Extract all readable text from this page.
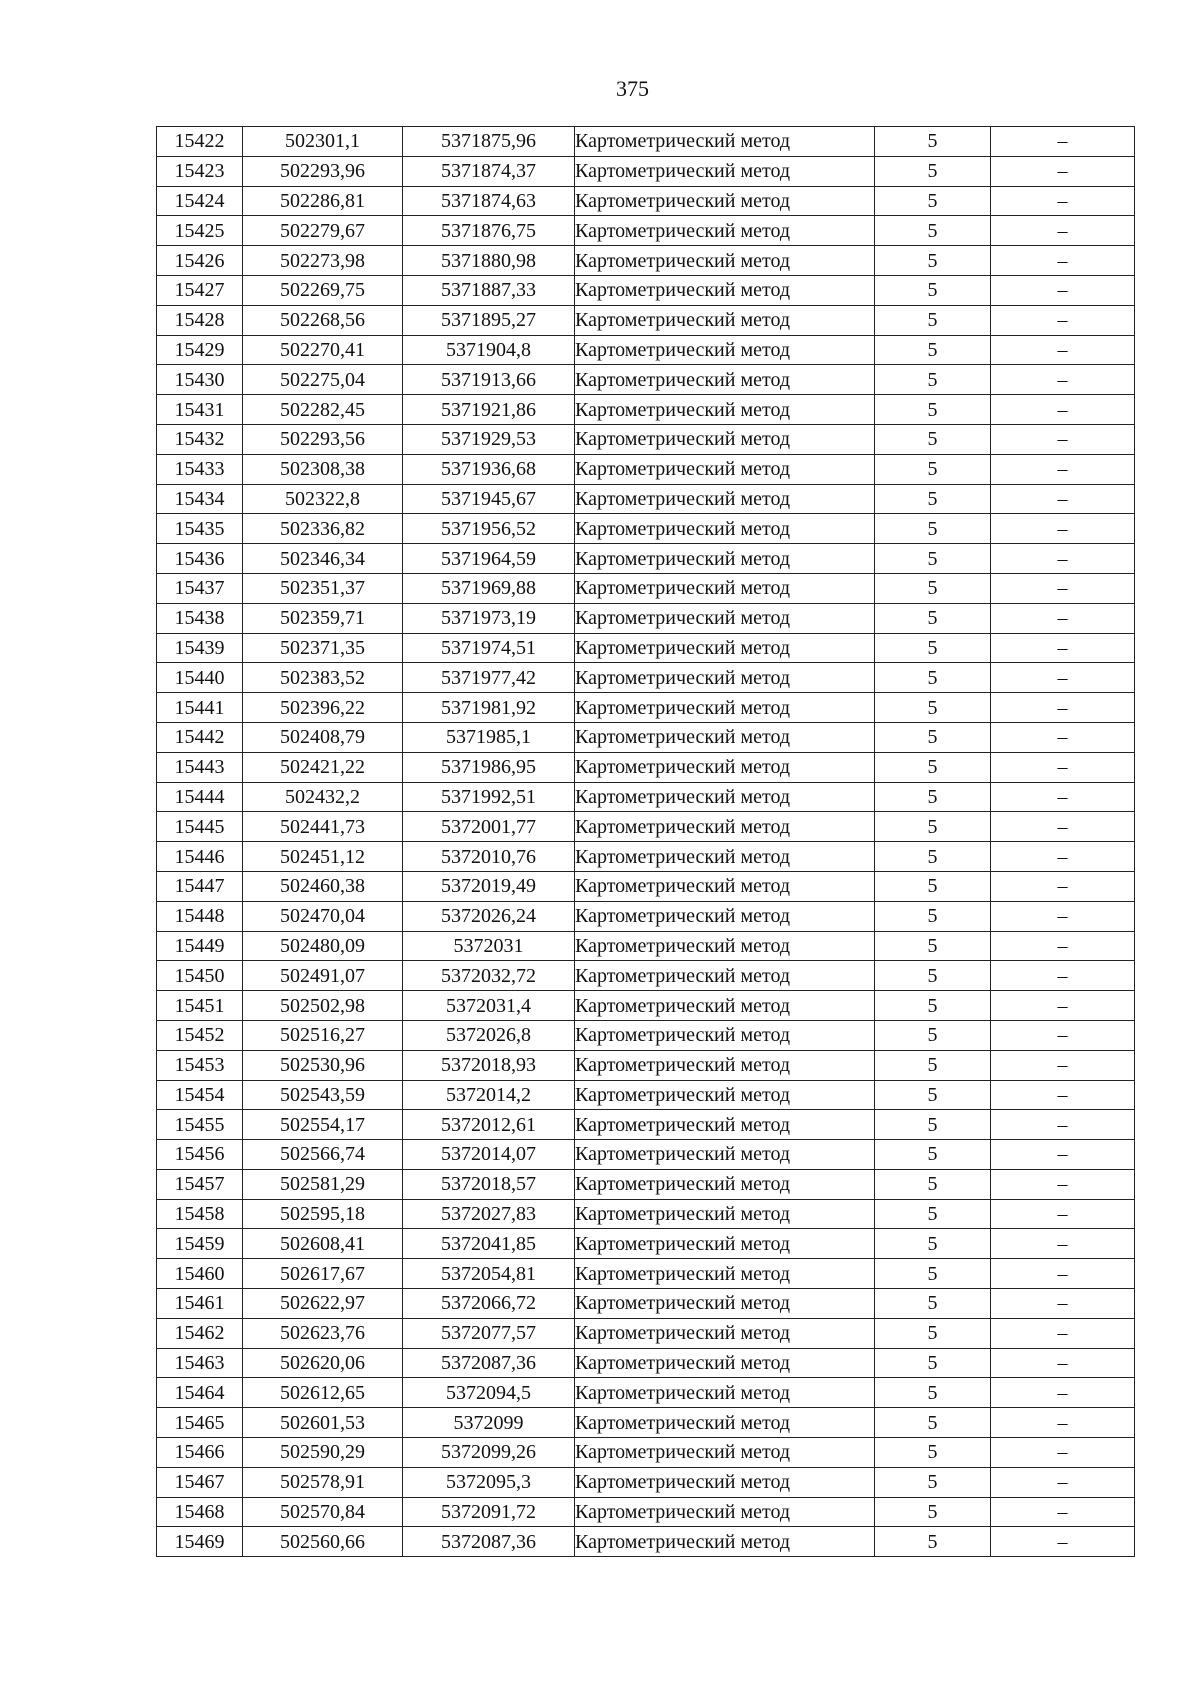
375
15422	502301,1	5371875,96	Картометрический метод	5	–
15423	502293,96	5371874,37	Картометрический метод	5	–
15424	502286,81	5371874,63	Картометрический метод	5	–
15425	502279,67	5371876,75	Картометрический метод	5	–
15426	502273,98	5371880,98	Картометрический метод	5	–
15427	502269,75	5371887,33	Картометрический метод	5	–
15428	502268,56	5371895,27	Картометрический метод	5	–
15429	502270,41	5371904,8	Картометрический метод	5	–
15430	502275,04	5371913,66	Картометрический метод	5	–
15431	502282,45	5371921,86	Картометрический метод	5	–
15432	502293,56	5371929,53	Картометрический метод	5	–
15433	502308,38	5371936,68	Картометрический метод	5	–
15434	502322,8	5371945,67	Картометрический метод	5	–
15435	502336,82	5371956,52	Картометрический метод	5	–
15436	502346,34	5371964,59	Картометрический метод	5	–
15437	502351,37	5371969,88	Картометрический метод	5	–
15438	502359,71	5371973,19	Картометрический метод	5	–
15439	502371,35	5371974,51	Картометрический метод	5	–
15440	502383,52	5371977,42	Картометрический метод	5	–
15441	502396,22	5371981,92	Картометрический метод	5	–
15442	502408,79	5371985,1	Картометрический метод	5	–
15443	502421,22	5371986,95	Картометрический метод	5	–
15444	502432,2	5371992,51	Картометрический метод	5	–
15445	502441,73	5372001,77	Картометрический метод	5	–
15446	502451,12	5372010,76	Картометрический метод	5	–
15447	502460,38	5372019,49	Картометрический метод	5	–
15448	502470,04	5372026,24	Картометрический метод	5	–
15449	502480,09	5372031	Картометрический метод	5	–
15450	502491,07	5372032,72	Картометрический метод	5	–
15451	502502,98	5372031,4	Картометрический метод	5	–
15452	502516,27	5372026,8	Картометрический метод	5	–
15453	502530,96	5372018,93	Картометрический метод	5	–
15454	502543,59	5372014,2	Картометрический метод	5	–
15455	502554,17	5372012,61	Картометрический метод	5	–
15456	502566,74	5372014,07	Картометрический метод	5	–
15457	502581,29	5372018,57	Картометрический метод	5	–
15458	502595,18	5372027,83	Картометрический метод	5	–
15459	502608,41	5372041,85	Картометрический метод	5	–
15460	502617,67	5372054,81	Картометрический метод	5	–
15461	502622,97	5372066,72	Картометрический метод	5	–
15462	502623,76	5372077,57	Картометрический метод	5	–
15463	502620,06	5372087,36	Картометрический метод	5	–
15464	502612,65	5372094,5	Картометрический метод	5	–
15465	502601,53	5372099	Картометрический метод	5	–
15466	502590,29	5372099,26	Картометрический метод	5	–
15467	502578,91	5372095,3	Картометрический метод	5	–
15468	502570,84	5372091,72	Картометрический метод	5	–
15469	502560,66	5372087,36	Картометрический метод	5	–
